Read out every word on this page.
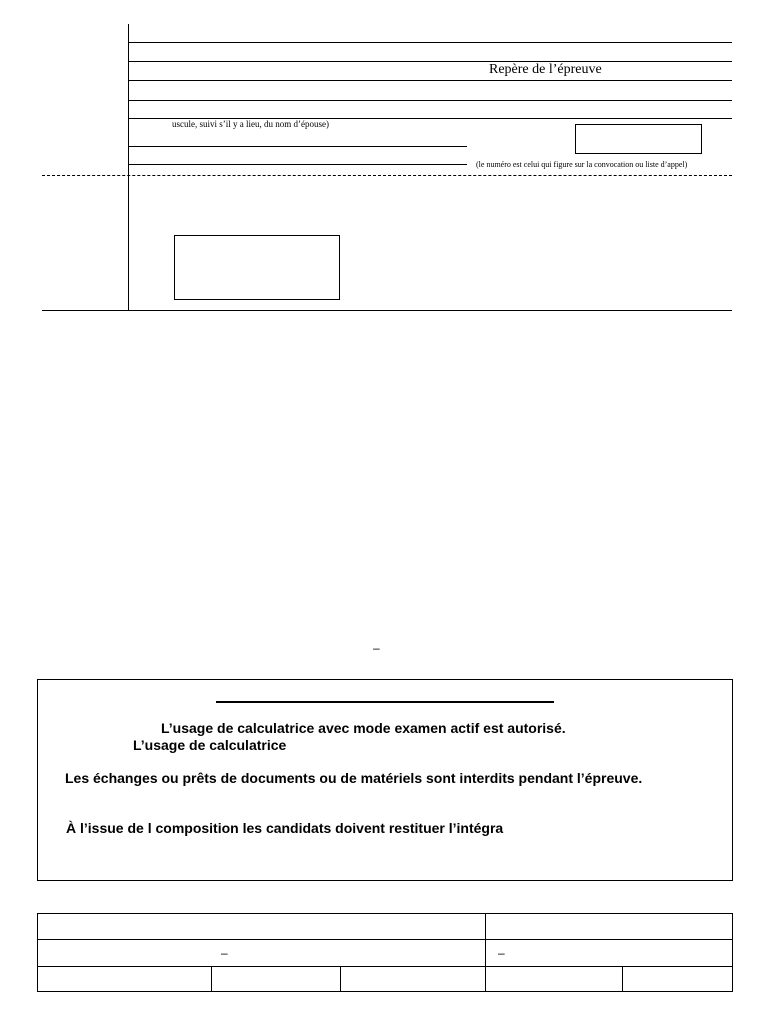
Repère de l’épreuve
uscule, suivi s’il y a lieu, du nom d’épouse)
(le numéro est celui qui figure sur la convocation ou liste d’appel)
–
L’usage de calculatrice avec mode examen actif est autorisé.
L’usage de calculatrice
Les échanges ou prêts de documents ou de matériels sont interdits pendant l’épreuve.
À l’issue de l composition les candidats doivent restituer l’intégra
–	–
